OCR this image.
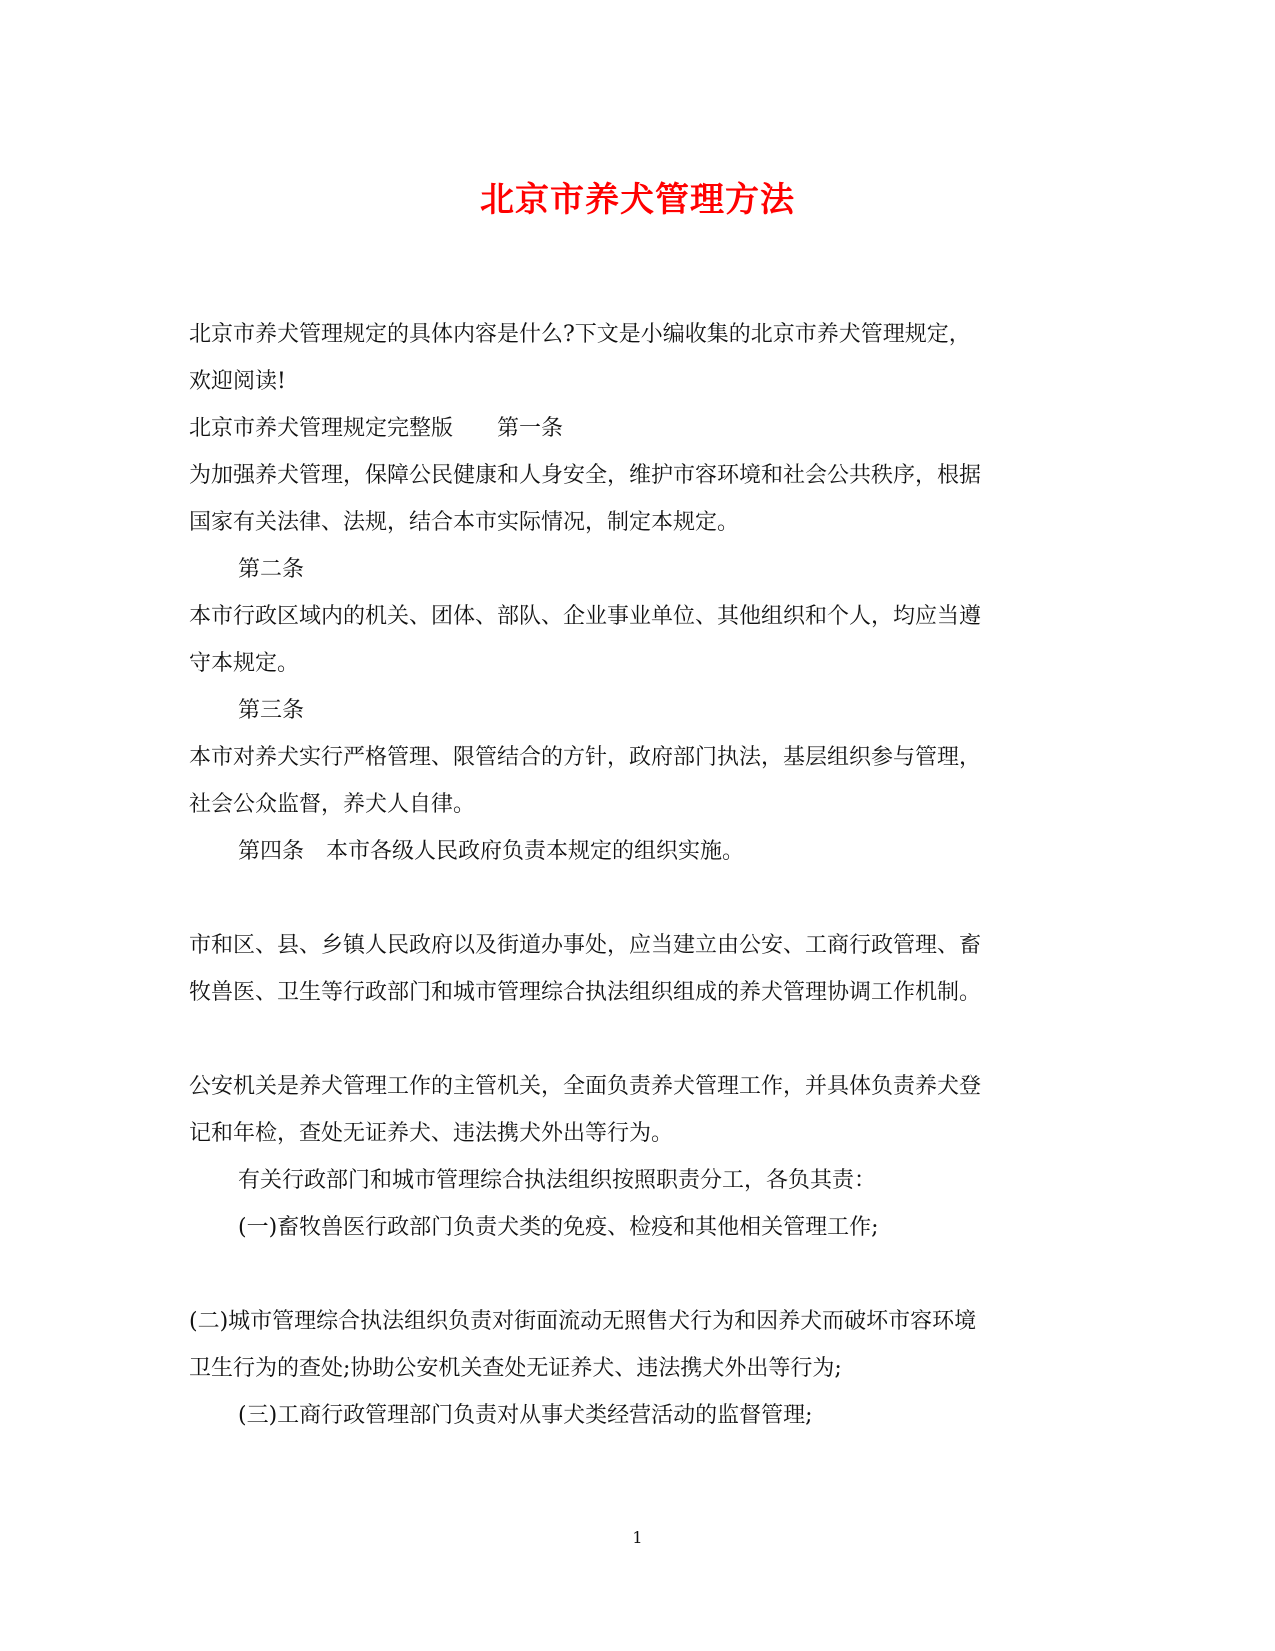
北京市养犬管理方法

北京市养犬管理规定的具体内容是什么?下文是小编收集的北京市养犬管理规定，

欢迎阅读!

北京市养犬管理规定完整版　　第一条

为加强养犬管理，保障公民健康和人身安全，维护市容环境和社会公共秩序，根据

国家有关法律、法规，结合本市实际情况，制定本规定。

第二条

本市行政区域内的机关、团体、部队、企业事业单位、其他组织和个人，均应当遵

守本规定。

第三条

本市对养犬实行严格管理、限管结合的方针，政府部门执法，基层组织参与管理，

社会公众监督，养犬人自律。

第四条　本市各级人民政府负责本规定的组织实施。

市和区、县、乡镇人民政府以及街道办事处，应当建立由公安、工商行政管理、畜

牧兽医、卫生等行政部门和城市管理综合执法组织组成的养犬管理协调工作机制。

公安机关是养犬管理工作的主管机关，全面负责养犬管理工作，并具体负责养犬登

记和年检，查处无证养犬、违法携犬外出等行为。

有关行政部门和城市管理综合执法组织按照职责分工，各负其责：

(一)畜牧兽医行政部门负责犬类的免疫、检疫和其他相关管理工作;

(二)城市管理综合执法组织负责对街面流动无照售犬行为和因养犬而破坏市容环境

卫生行为的查处;协助公安机关查处无证养犬、违法携犬外出等行为;

(三)工商行政管理部门负责对从事犬类经营活动的监督管理;

1
